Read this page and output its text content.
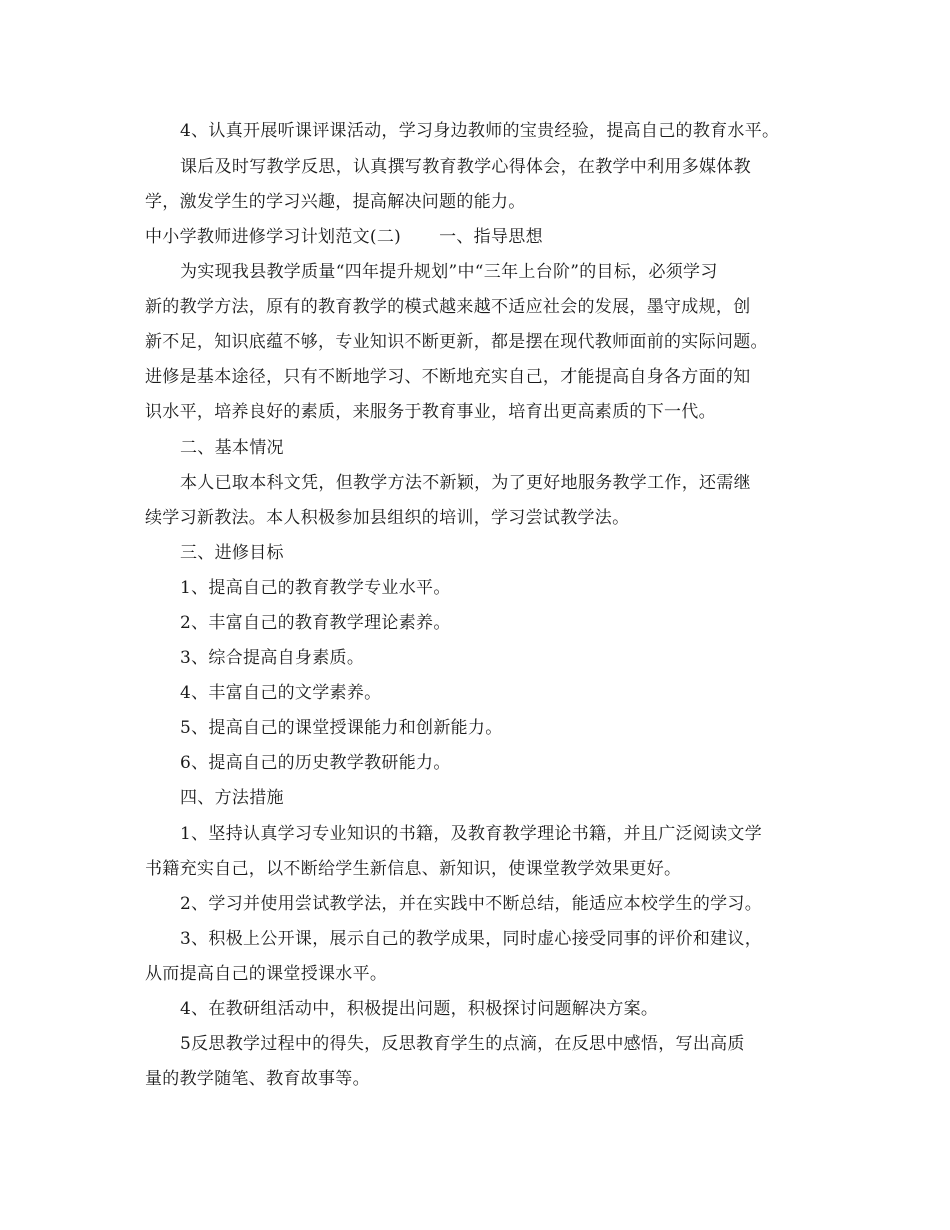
4、认真开展听课评课活动，学习身边教师的宝贵经验，提高自己的教育水平。
课后及时写教学反思，认真撰写教育教学心得体会，在教学中利用多媒体教
学，激发学生的学习兴趣，提高解决问题的能力。
中小学教师进修学习计划范文(二) 一、指导思想
为实现我县教学质量“四年提升规划”中“三年上台阶”的目标，必须学习
新的教学方法，原有的教育教学的模式越来越不适应社会的发展，墨守成规，创
新不足，知识底蕴不够，专业知识不断更新，都是摆在现代教师面前的实际问题。
进修是基本途径，只有不断地学习、不断地充实自己，才能提高自身各方面的知
识水平，培养良好的素质，来服务于教育事业，培育出更高素质的下一代。
二、基本情况
本人已取本科文凭，但教学方法不新颖，为了更好地服务教学工作，还需继
续学习新教法。本人积极参加县组织的培训，学习尝试教学法。
三、进修目标
1、提高自己的教育教学专业水平。
2、丰富自己的教育教学理论素养。
3、综合提高自身素质。
4、丰富自己的文学素养。
5、提高自己的课堂授课能力和创新能力。
6、提高自己的历史教学教研能力。
四、方法措施
1、坚持认真学习专业知识的书籍，及教育教学理论书籍，并且广泛阅读文学
书籍充实自己，以不断给学生新信息、新知识，使课堂教学效果更好。
2、学习并使用尝试教学法，并在实践中不断总结，能适应本校学生的学习。
3、积极上公开课，展示自己的教学成果，同时虚心接受同事的评价和建议，
从而提高自己的课堂授课水平。
4、在教研组活动中，积极提出问题，积极探讨问题解决方案。
5反思教学过程中的得失，反思教育学生的点滴，在反思中感悟，写出高质
量的教学随笔、教育故事等。
